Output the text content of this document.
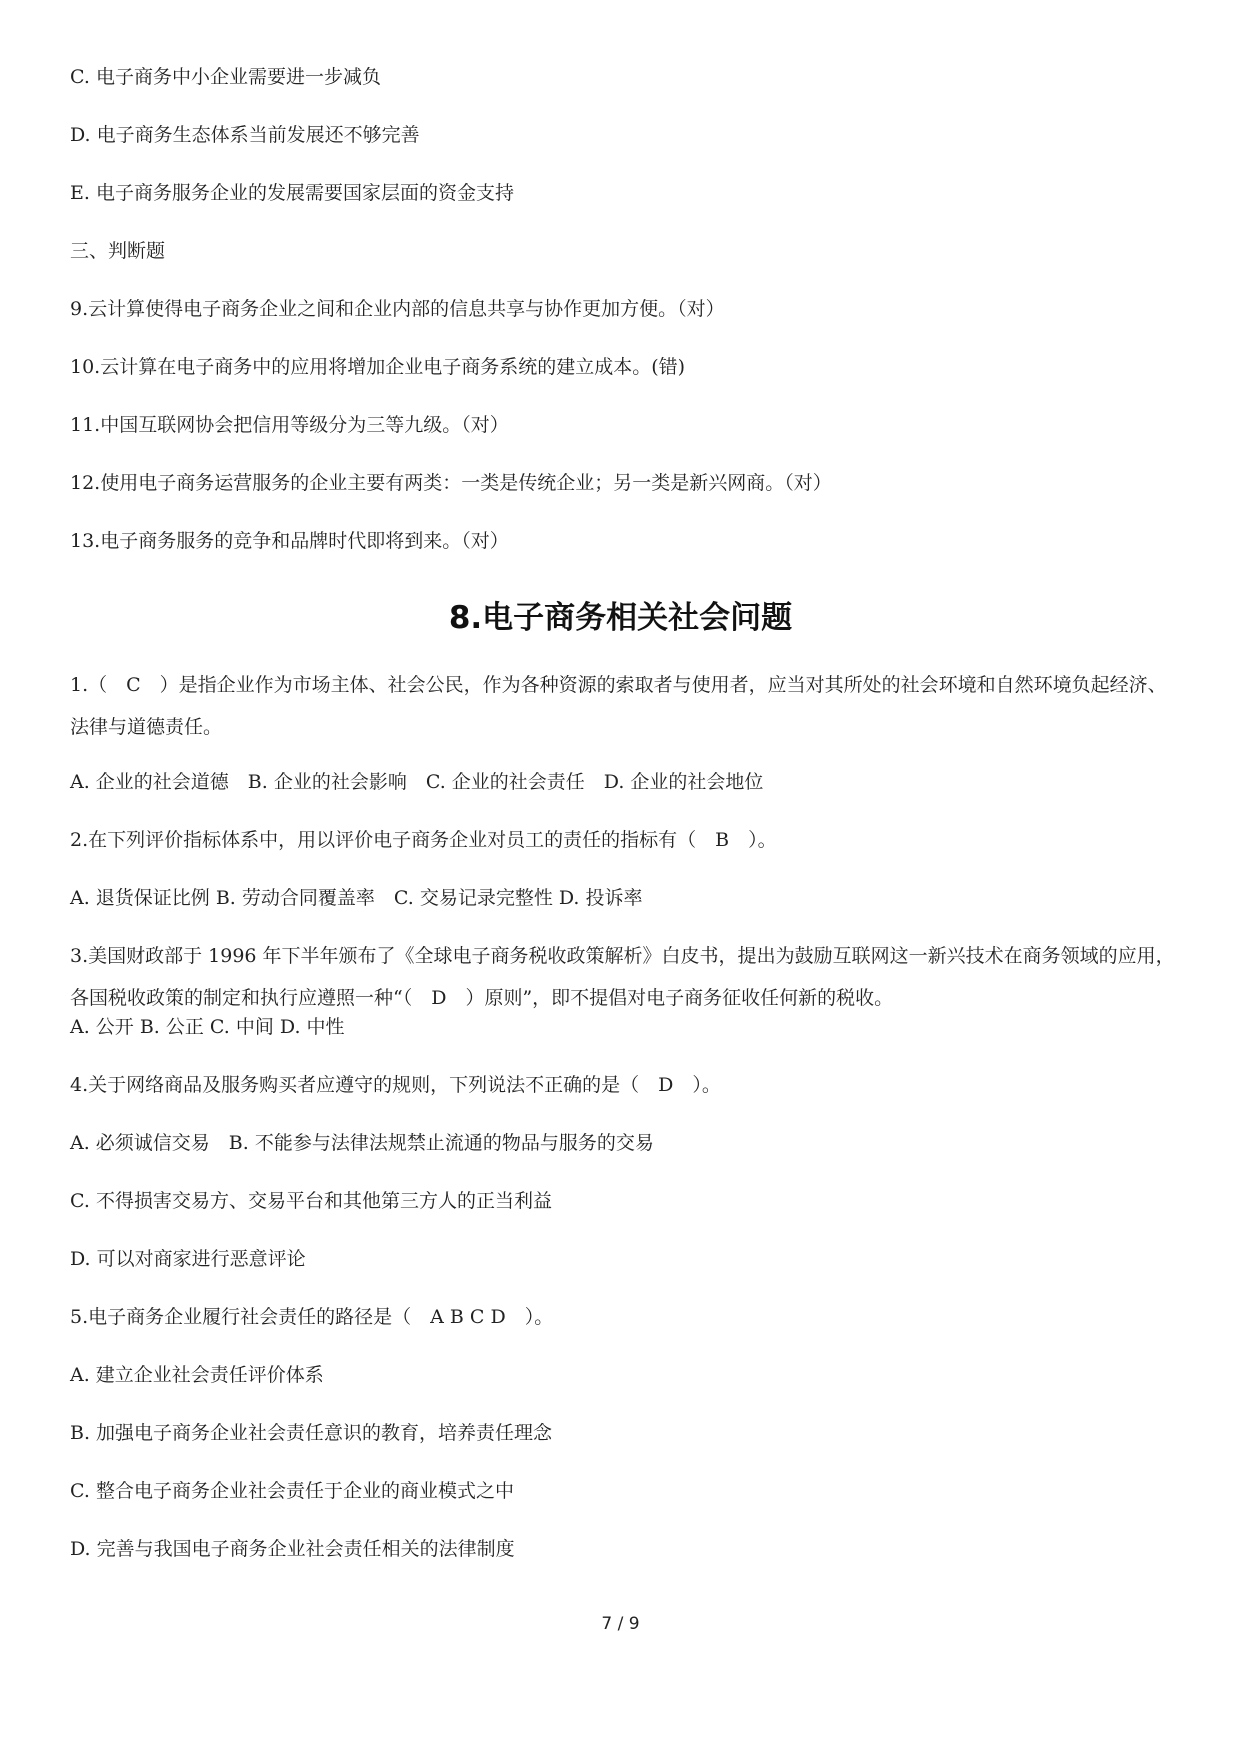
C. 电子商务中小企业需要进一步减负
D. 电子商务生态体系当前发展还不够完善
E. 电子商务服务企业的发展需要国家层面的资金支持
三、判断题
9.云计算使得电子商务企业之间和企业内部的信息共享与协作更加方便。（对）
10.云计算在电子商务中的应用将增加企业电子商务系统的建立成本。(错)
11.中国互联网协会把信用等级分为三等九级。（对）
12.使用电子商务运营服务的企业主要有两类：一类是传统企业；另一类是新兴网商。（对）
13.电子商务服务的竞争和品牌时代即将到来。（对）
8.电子商务相关社会问题
1.（　C　）是指企业作为市场主体、社会公民，作为各种资源的索取者与使用者，应当对其所处的社会环境和自然环境负起经济、法律与道德责任。
A. 企业的社会道德　B. 企业的社会影响　C. 企业的社会责任　D. 企业的社会地位
2.在下列评价指标体系中，用以评价电子商务企业对员工的责任的指标有（　B　）。
A. 退货保证比例 B. 劳动合同覆盖率　C. 交易记录完整性 D. 投诉率
3.美国财政部于 1996 年下半年颁布了《全球电子商务税收政策解析》白皮书，提出为鼓励互联网这一新兴技术在商务领域的应用，各国税收政策的制定和执行应遵照一种“（　D　）原则”，即不提倡对电子商务征收任何新的税收。
A. 公开 B. 公正 C. 中间 D. 中性
4.关于网络商品及服务购买者应遵守的规则，下列说法不正确的是（　D　）。
A. 必须诚信交易　B. 不能参与法律法规禁止流通的物品与服务的交易
C. 不得损害交易方、交易平台和其他第三方人的正当利益
D. 可以对商家进行恶意评论
5.电子商务企业履行社会责任的路径是（　A B C D　）。
A. 建立企业社会责任评价体系
B. 加强电子商务企业社会责任意识的教育，培养责任理念
C. 整合电子商务企业社会责任于企业的商业模式之中
D. 完善与我国电子商务企业社会责任相关的法律制度
7 / 9
